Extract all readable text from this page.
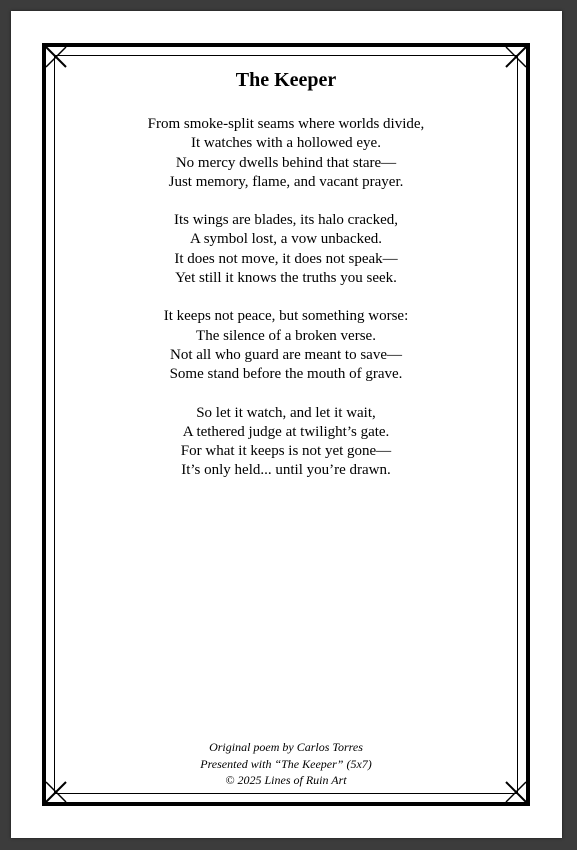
The Keeper
From smoke-split seams where worlds divide,
It watches with a hollowed eye.
No mercy dwells behind that stare—
Just memory, flame, and vacant prayer.
Its wings are blades, its halo cracked,
A symbol lost, a vow unbacked.
It does not move, it does not speak—
Yet still it knows the truths you seek.
It keeps not peace, but something worse:
The silence of a broken verse.
Not all who guard are meant to save—
Some stand before the mouth of grave.
So let it watch, and let it wait,
A tethered judge at twilight’s gate.
For what it keeps is not yet gone—
It’s only held... until you’re drawn.
Original poem by Carlos Torres
Presented with “The Keeper” (5x7)
© 2025 Lines of Ruin Art
